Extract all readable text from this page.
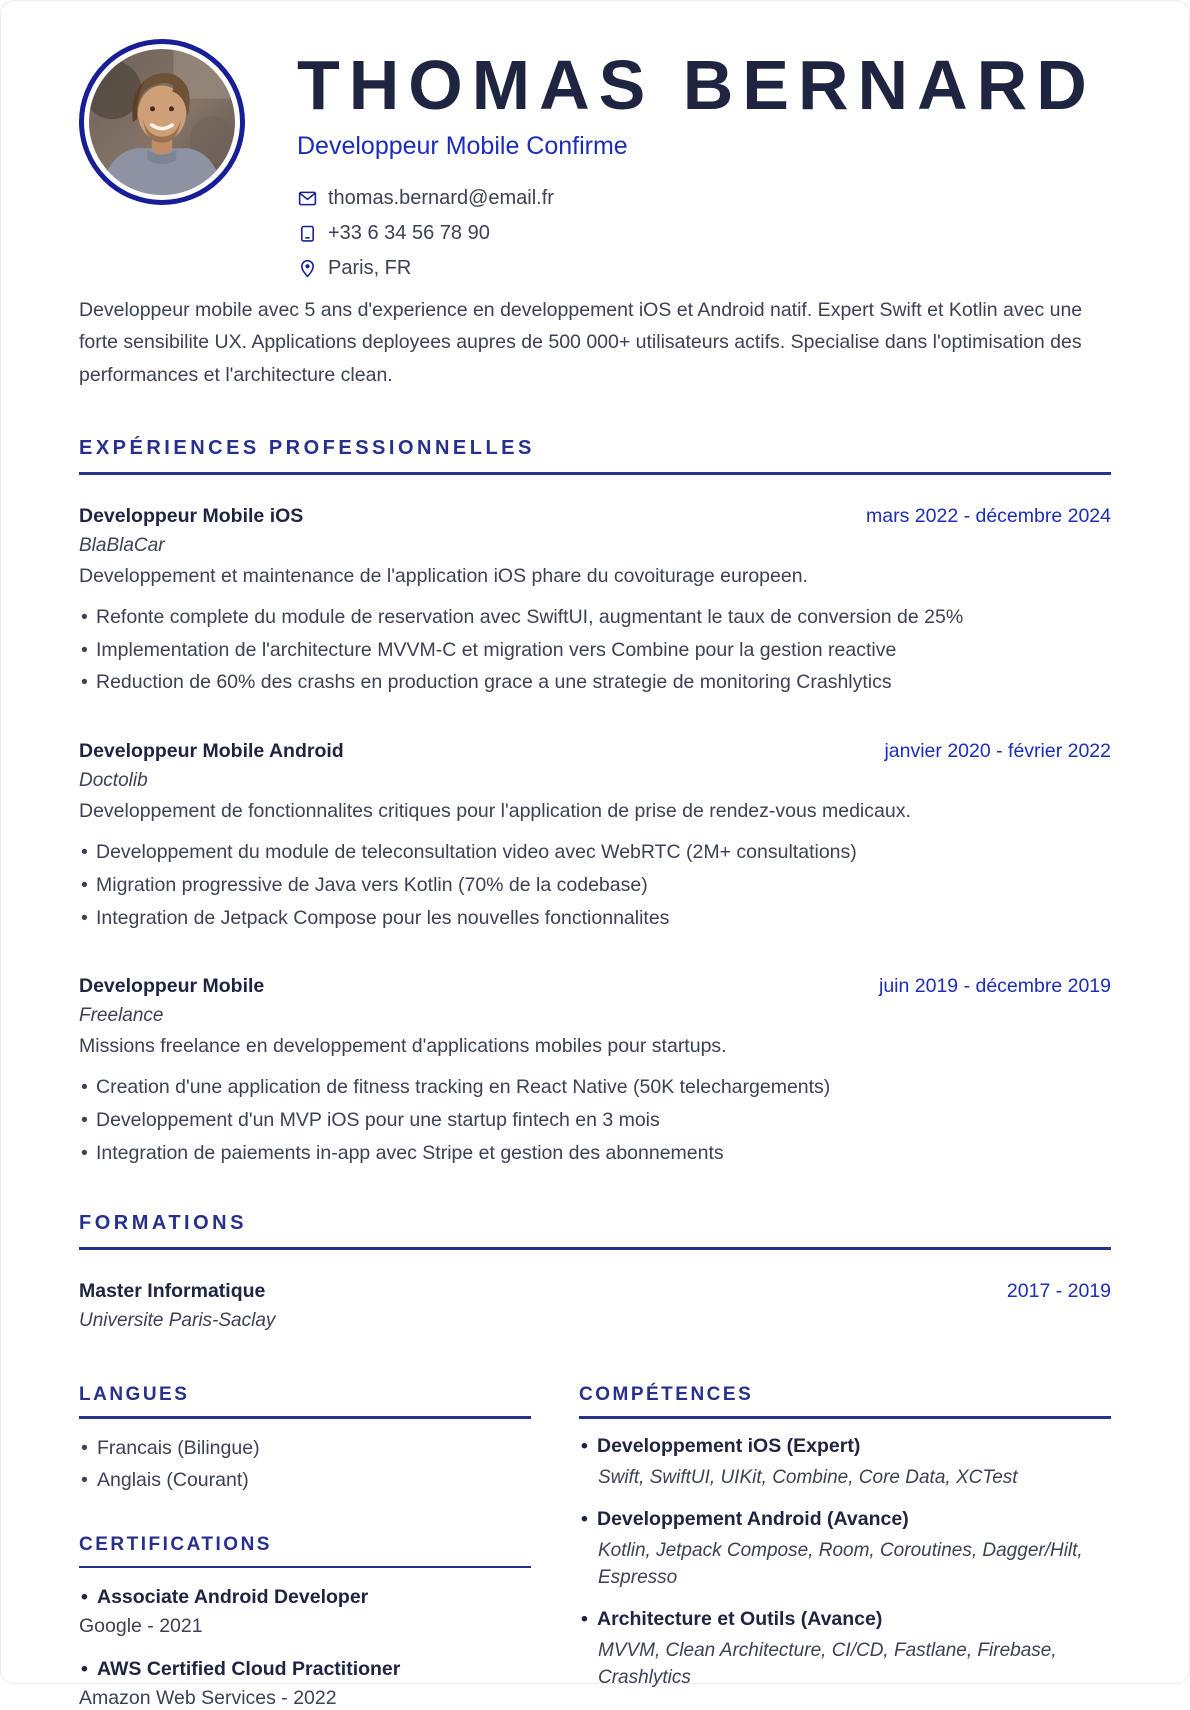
THOMAS BERNARD
Developpeur Mobile Confirme
thomas.bernard@email.fr
+33 6 34 56 78 90
Paris, FR

Developpeur mobile avec 5 ans d'experience en developpement iOS et Android natif. Expert Swift et Kotlin avec une forte sensibilite UX. Applications deployees aupres de 500 000+ utilisateurs actifs. Specialise dans l'optimisation des performances et l'architecture clean.

EXPÉRIENCES PROFESSIONNELLES
Developpeur Mobile iOS	mars 2022 - décembre 2024
BlaBlaCar
Developpement et maintenance de l'application iOS phare du covoiturage europeen.
• Refonte complete du module de reservation avec SwiftUI, augmentant le taux de conversion de 25%
• Implementation de l'architecture MVVM-C et migration vers Combine pour la gestion reactive
• Reduction de 60% des crashs en production grace a une strategie de monitoring Crashlytics
Developpeur Mobile Android	janvier 2020 - février 2022
Doctolib
Developpement de fonctionnalites critiques pour l'application de prise de rendez-vous medicaux.
• Developpement du module de teleconsultation video avec WebRTC (2M+ consultations)
• Migration progressive de Java vers Kotlin (70% de la codebase)
• Integration de Jetpack Compose pour les nouvelles fonctionnalites
Developpeur Mobile	juin 2019 - décembre 2019
Freelance
Missions freelance en developpement d'applications mobiles pour startups.
• Creation d'une application de fitness tracking en React Native (50K telechargements)
• Developpement d'un MVP iOS pour une startup fintech en 3 mois
• Integration de paiements in-app avec Stripe et gestion des abonnements
FORMATIONS
Master Informatique	2017 - 2019
Universite Paris-Saclay
LANGUES
• Francais (Bilingue)
• Anglais (Courant)
CERTIFICATIONS
• Associate Android Developer
Google - 2021
• AWS Certified Cloud Practitioner
Amazon Web Services - 2022
COMPÉTENCES
• Developpement iOS (Expert)
Swift, SwiftUI, UIKit, Combine, Core Data, XCTest
• Developpement Android (Avance)
Kotlin, Jetpack Compose, Room, Coroutines, Dagger/Hilt, Espresso
• Architecture et Outils (Avance)
MVVM, Clean Architecture, CI/CD, Fastlane, Firebase, Crashlytics
